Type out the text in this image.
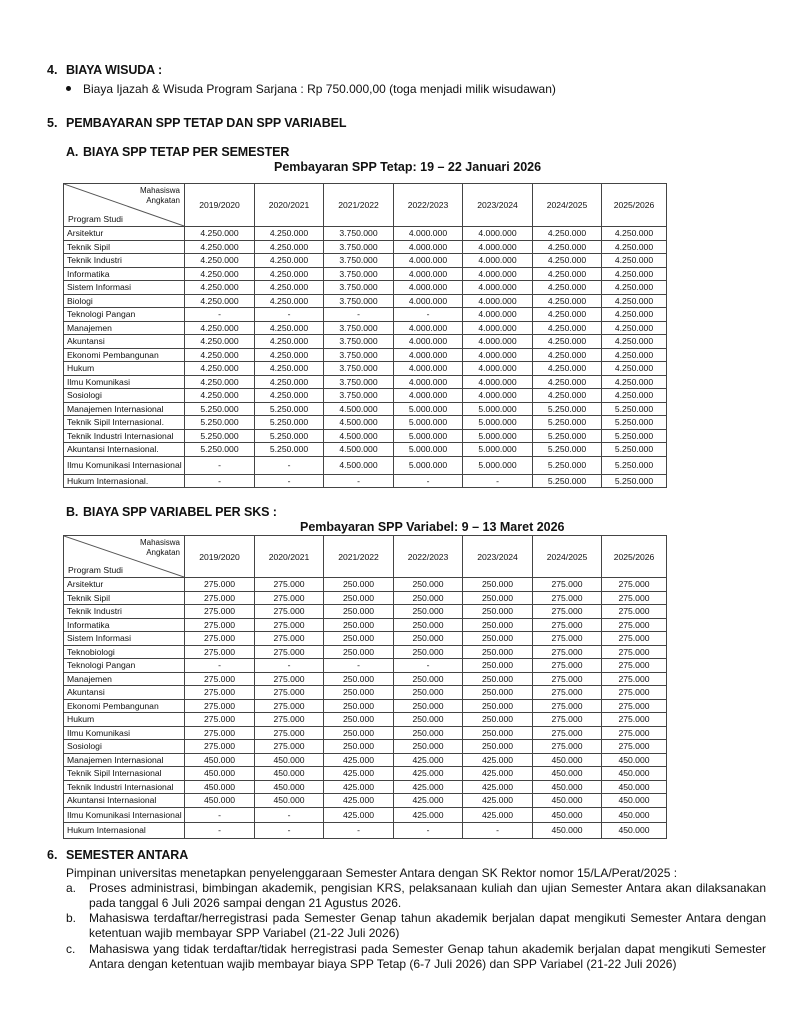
4. BIAYA WISUDA :
Biaya Ijazah & Wisuda Program Sarjana : Rp 750.000,00 (toga menjadi milik wisudawan)
5. PEMBAYARAN SPP TETAP DAN SPP VARIABEL
A. BIAYA SPP TETAP PER SEMESTER
Pembayaran SPP Tetap: 19 – 22 Januari 2026
Mahasiswa
Angkatan
Program Studi	2019/2020	2020/2021	2021/2022	2022/2023	2023/2024	2024/2025	2025/2026
Arsitektur	4.250.000	4.250.000	3.750.000	4.000.000	4.000.000	4.250.000	4.250.000
Teknik Sipil	4.250.000	4.250.000	3.750.000	4.000.000	4.000.000	4.250.000	4.250.000
Teknik Industri	4.250.000	4.250.000	3.750.000	4.000.000	4.000.000	4.250.000	4.250.000
Informatika	4.250.000	4.250.000	3.750.000	4.000.000	4.000.000	4.250.000	4.250.000
Sistem Informasi	4.250.000	4.250.000	3.750.000	4.000.000	4.000.000	4.250.000	4.250.000
Biologi	4.250.000	4.250.000	3.750.000	4.000.000	4.000.000	4.250.000	4.250.000
Teknologi Pangan	-	-	-	-	4.000.000	4.250.000	4.250.000
Manajemen	4.250.000	4.250.000	3.750.000	4.000.000	4.000.000	4.250.000	4.250.000
Akuntansi	4.250.000	4.250.000	3.750.000	4.000.000	4.000.000	4.250.000	4.250.000
Ekonomi Pembangunan	4.250.000	4.250.000	3.750.000	4.000.000	4.000.000	4.250.000	4.250.000
Hukum	4.250.000	4.250.000	3.750.000	4.000.000	4.000.000	4.250.000	4.250.000
Ilmu Komunikasi	4.250.000	4.250.000	3.750.000	4.000.000	4.000.000	4.250.000	4.250.000
Sosiologi	4.250.000	4.250.000	3.750.000	4.000.000	4.000.000	4.250.000	4.250.000
Manajemen Internasional	5.250.000	5.250.000	4.500.000	5.000.000	5.000.000	5.250.000	5.250.000
Teknik Sipil Internasional.	5.250.000	5.250.000	4.500.000	5.000.000	5.000.000	5.250.000	5.250.000
Teknik Industri Internasional	5.250.000	5.250.000	4.500.000	5.000.000	5.000.000	5.250.000	5.250.000
Akuntansi Internasional.	5.250.000	5.250.000	4.500.000	5.000.000	5.000.000	5.250.000	5.250.000
Ilmu Komunikasi Internasional	-	-	4.500.000	5.000.000	5.000.000	5.250.000	5.250.000
Hukum Internasional.	-	-	-	-	-	5.250.000	5.250.000
B. BIAYA SPP VARIABEL PER SKS :
Pembayaran SPP Variabel: 9 – 13 Maret 2026
Mahasiswa
Angkatan
Program Studi	2019/2020	2020/2021	2021/2022	2022/2023	2023/2024	2024/2025	2025/2026
Arsitektur	275.000	275.000	250.000	250.000	250.000	275.000	275.000
Teknik Sipil	275.000	275.000	250.000	250.000	250.000	275.000	275.000
Teknik Industri	275.000	275.000	250.000	250.000	250.000	275.000	275.000
Informatika	275.000	275.000	250.000	250.000	250.000	275.000	275.000
Sistem Informasi	275.000	275.000	250.000	250.000	250.000	275.000	275.000
Teknobiologi	275.000	275.000	250.000	250.000	250.000	275.000	275.000
Teknologi Pangan	-	-	-	-	250.000	275.000	275.000
Manajemen	275.000	275.000	250.000	250.000	250.000	275.000	275.000
Akuntansi	275.000	275.000	250.000	250.000	250.000	275.000	275.000
Ekonomi Pembangunan	275.000	275.000	250.000	250.000	250.000	275.000	275.000
Hukum	275.000	275.000	250.000	250.000	250.000	275.000	275.000
Ilmu Komunikasi	275.000	275.000	250.000	250.000	250.000	275.000	275.000
Sosiologi	275.000	275.000	250.000	250.000	250.000	275.000	275.000
Manajemen Internasional	450.000	450.000	425.000	425.000	425.000	450.000	450.000
Teknik Sipil Internasional	450.000	450.000	425.000	425.000	425.000	450.000	450.000
Teknik Industri Internasional	450.000	450.000	425.000	425.000	425.000	450.000	450.000
Akuntansi Internasional	450.000	450.000	425.000	425.000	425.000	450.000	450.000
Ilmu Komunikasi Internasional	-	-	425.000	425.000	425.000	450.000	450.000
Hukum Internasional	-	-	-	-	-	450.000	450.000
6. SEMESTER ANTARA
Pimpinan universitas menetapkan penyelenggaraan Semester Antara dengan SK Rektor nomor 15/LA/Perat/2025 :
a. Proses administrasi, bimbingan akademik, pengisian KRS, pelaksanaan kuliah dan ujian Semester Antara akan dilaksanakan pada tanggal 6 Juli 2026 sampai dengan 21 Agustus 2026.
b. Mahasiswa terdaftar/herregistrasi pada Semester Genap tahun akademik berjalan dapat mengikuti Semester Antara dengan ketentuan wajib membayar SPP Variabel (21-22 Juli 2026)
c. Mahasiswa yang tidak terdaftar/tidak herregistrasi pada Semester Genap tahun akademik berjalan dapat mengikuti Semester Antara dengan ketentuan wajib membayar biaya SPP Tetap (6-7 Juli 2026) dan SPP Variabel (21-22 Juli 2026)
